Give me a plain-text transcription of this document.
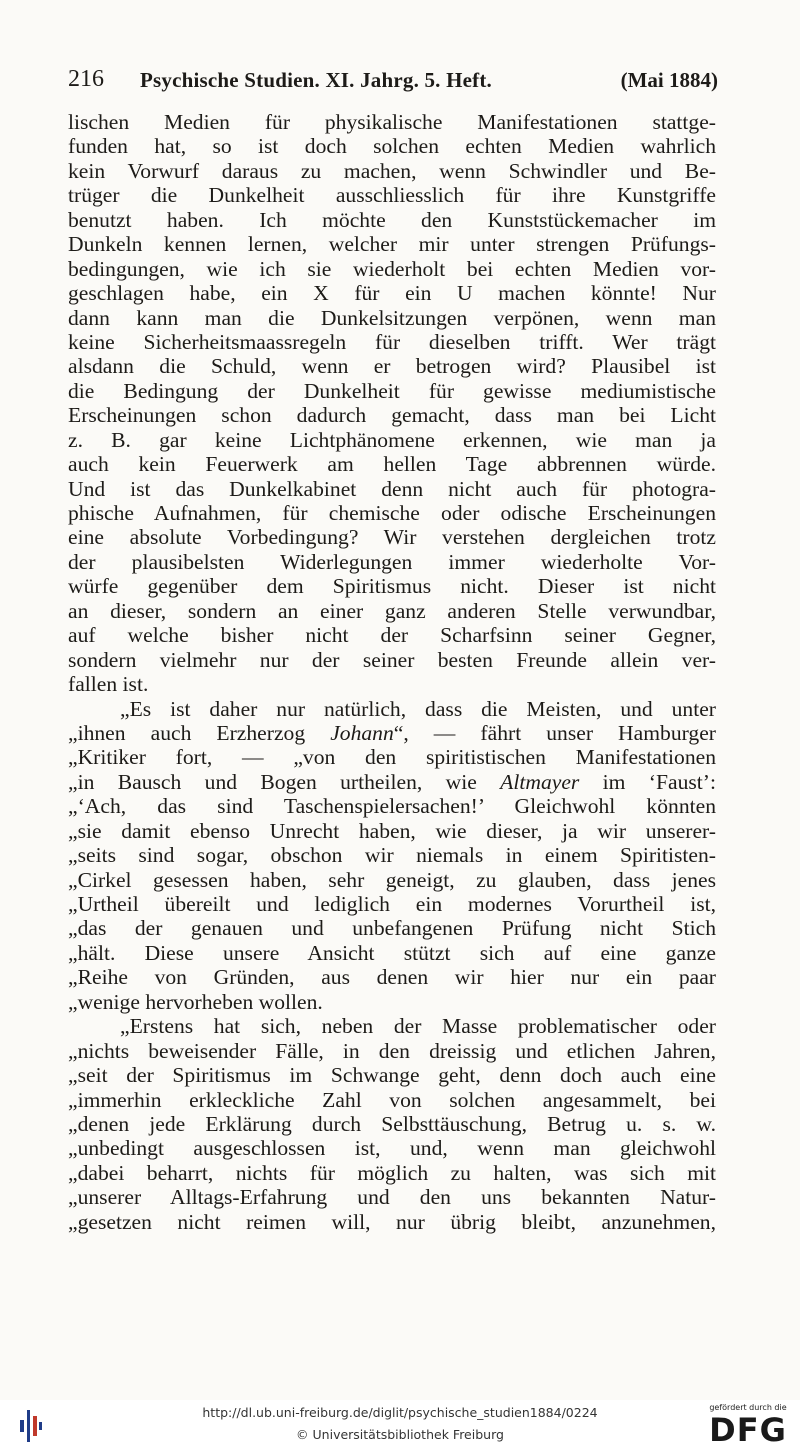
216 Psychische Studien. XI. Jahrg. 5. Heft.	(Mai 1884)
lischen Medien für physikalische Manifestationen stattge-
funden hat, so ist doch solchen echten Medien wahrlich
kein Vorwurf daraus zu machen, wenn Schwindler und Be-
trüger die Dunkelheit ausschliesslich für ihre Kunstgriffe
benutzt haben. Ich möchte den Kunststückemacher im
Dunkeln kennen lernen, welcher mir unter strengen Prüfungs-
bedingungen, wie ich sie wiederholt bei echten Medien vor-
geschlagen habe, ein X für ein U machen könnte! Nur
dann kann man die Dunkelsitzungen verpönen, wenn man
keine Sicherheitsmaassregeln für dieselben trifft. Wer trägt
alsdann die Schuld, wenn er betrogen wird? Plausibel ist
die Bedingung der Dunkelheit für gewisse mediumistische
Erscheinungen schon dadurch gemacht, dass man bei Licht
z. B. gar keine Lichtphänomene erkennen, wie man ja
auch kein Feuerwerk am hellen Tage abbrennen würde.
Und ist das Dunkelkabinet denn nicht auch für photogra-
phische Aufnahmen, für chemische oder odische Erscheinungen
eine absolute Vorbedingung? Wir verstehen dergleichen trotz
der plausibelsten Widerlegungen immer wiederholte Vor-
würfe gegenüber dem Spiritismus nicht. Dieser ist nicht
an dieser, sondern an einer ganz anderen Stelle verwundbar,
auf welche bisher nicht der Scharfsinn seiner Gegner,
sondern vielmehr nur der seiner besten Freunde allein ver-
fallen ist.
„Es ist daher nur natürlich, dass die Meisten, und unter
„ihnen auch Erzherzog Johann“, — fährt unser Hamburger
„Kritiker fort, — „von den spiritistischen Manifestationen
„in Bausch und Bogen urtheilen, wie Altmayer im ‘Faust’:
„‘Ach, das sind Taschenspielersachen!’ Gleichwohl könnten
„sie damit ebenso Unrecht haben, wie dieser, ja wir unserer-
„seits sind sogar, obschon wir niemals in einem Spiritisten-
„Cirkel gesessen haben, sehr geneigt, zu glauben, dass jenes
„Urtheil übereilt und lediglich ein modernes Vorurtheil ist,
„das der genauen und unbefangenen Prüfung nicht Stich
„hält. Diese unsere Ansicht stützt sich auf eine ganze
„Reihe von Gründen, aus denen wir hier nur ein paar
„wenige hervorheben wollen.
„Erstens hat sich, neben der Masse problematischer oder
„nichts beweisender Fälle, in den dreissig und etlichen Jahren,
„seit der Spiritismus im Schwange geht, denn doch auch eine
„immerhin erkleckliche Zahl von solchen angesammelt, bei
„denen jede Erklärung durch Selbsttäuschung, Betrug u. s. w.
„unbedingt ausgeschlossen ist, und, wenn man gleichwohl
„dabei beharrt, nichts für möglich zu halten, was sich mit
„unserer Alltags-Erfahrung und den uns bekannten Natur-
„gesetzen nicht reimen will, nur übrig bleibt, anzunehmen,
http://dl.ub.uni-freiburg.de/diglit/psychische_studien1884/0224
© Universitätsbibliothek Freiburg
gefördert durch die
DFG
